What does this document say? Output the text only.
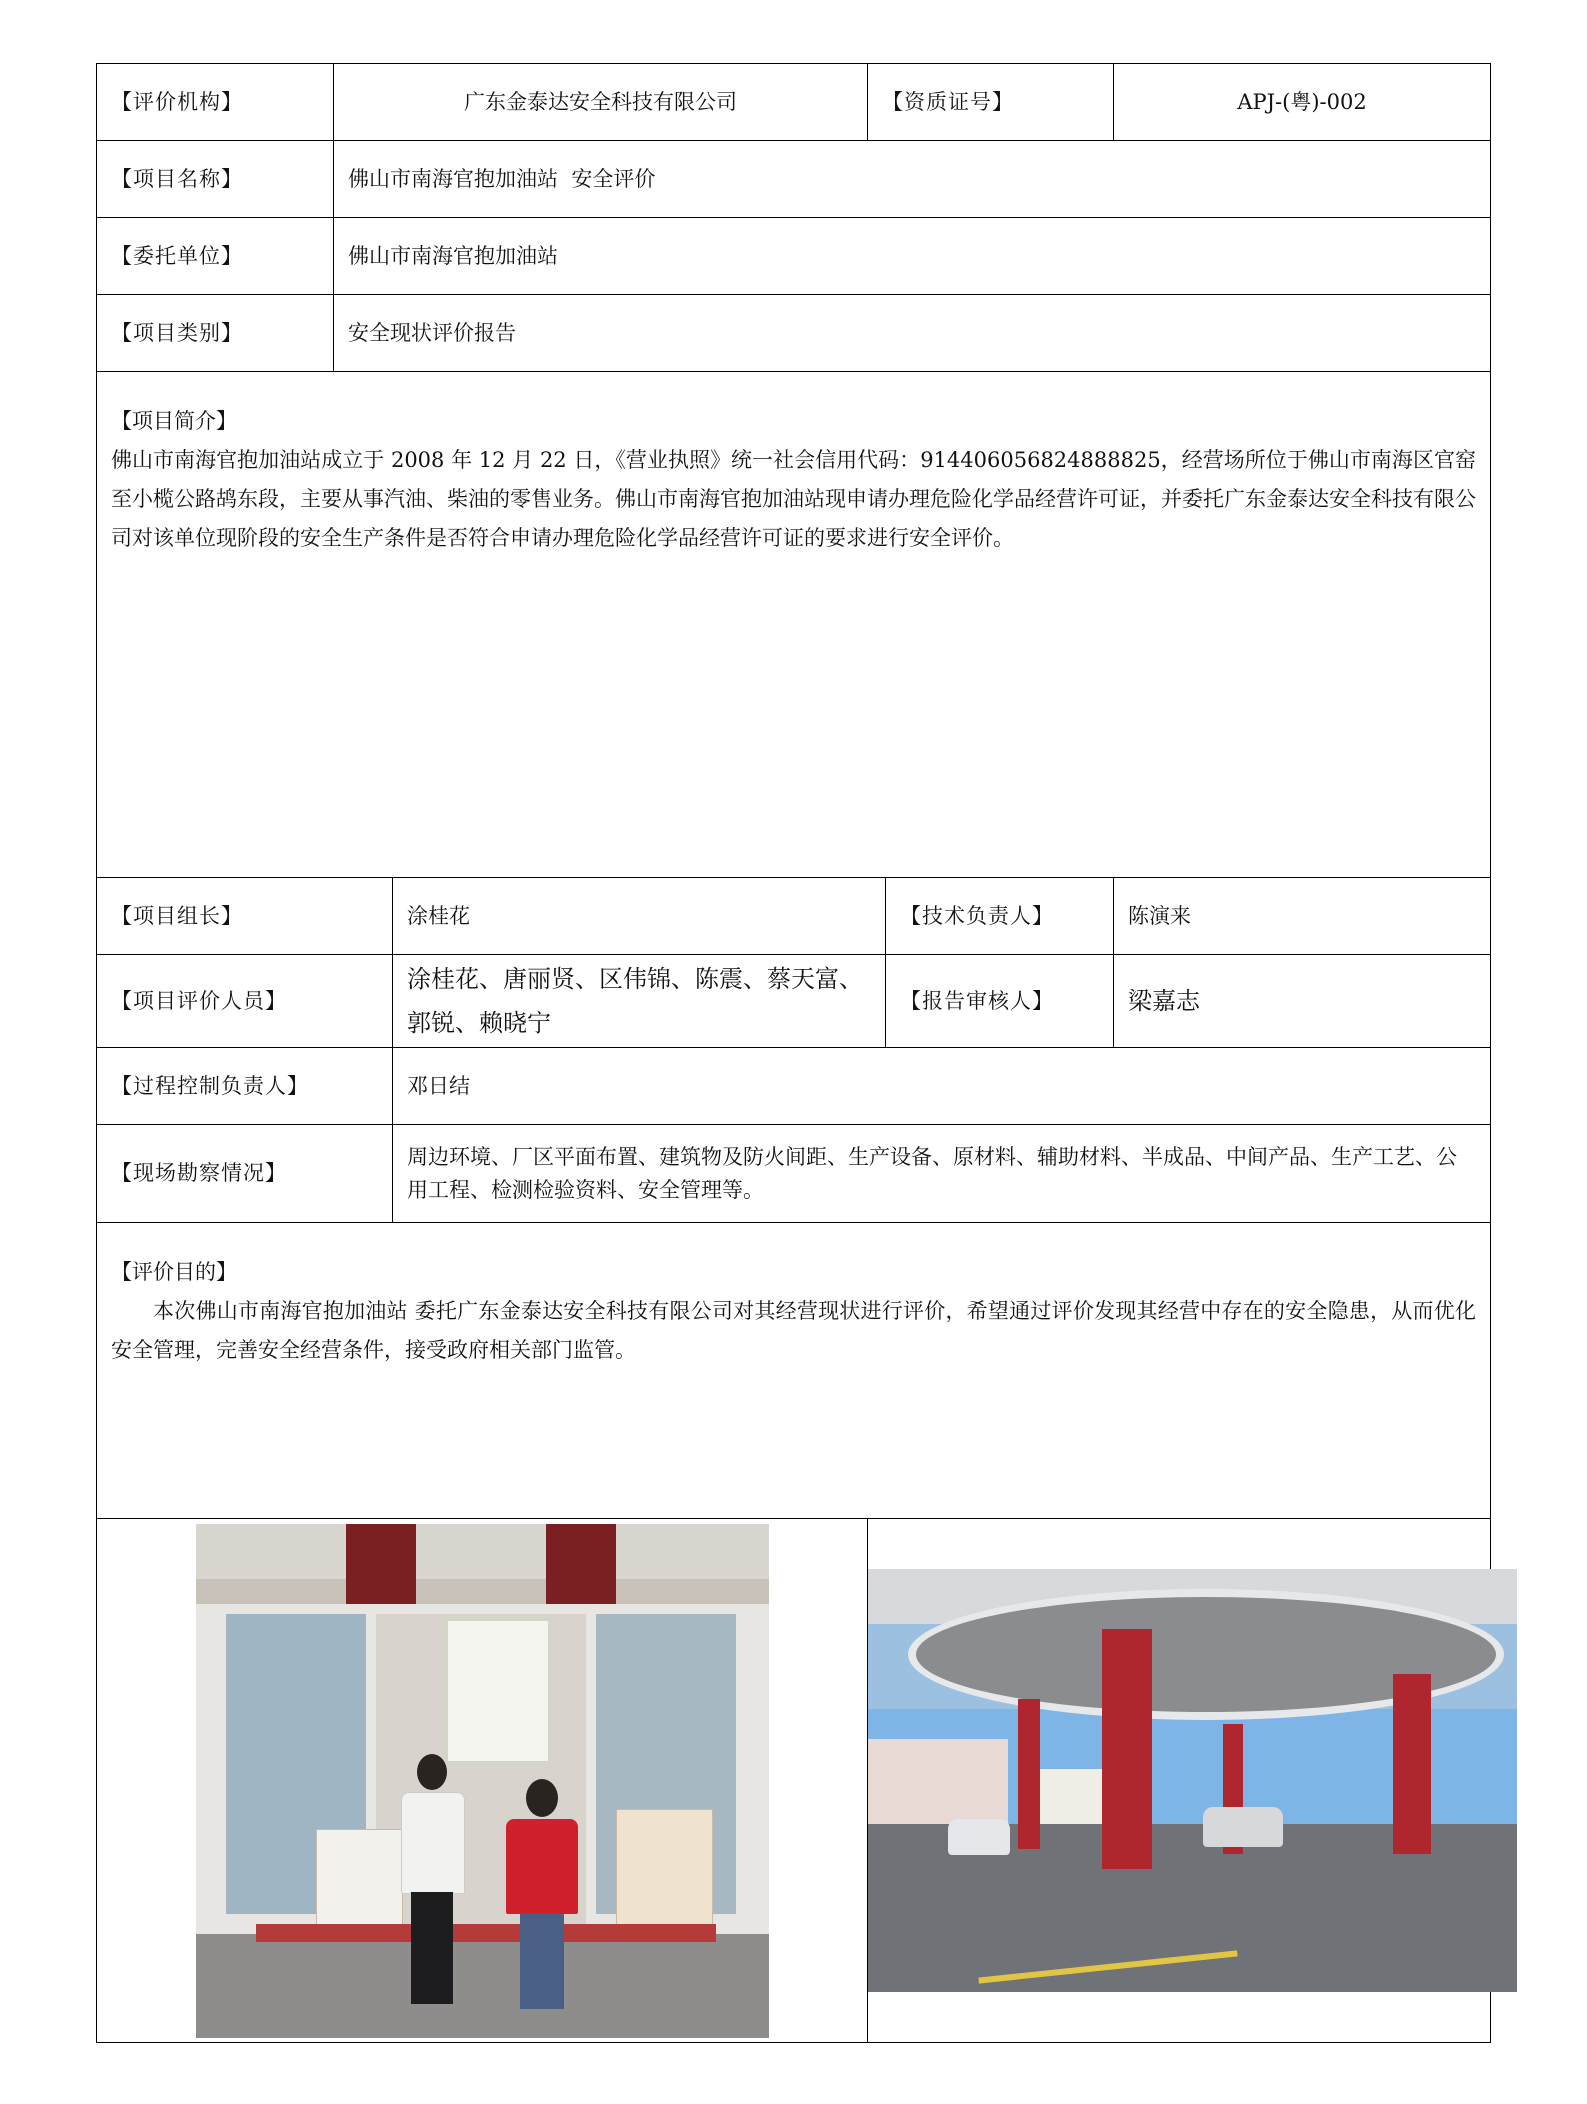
【评价机构】	广东金泰达安全科技有限公司		【资质证号】		APJ-(粤)-002
【项目名称】	佛山市南海官抱加油站  安全评价				
【委托单位】	佛山市南海官抱加油站				
【项目类别】	安全现状评价报告				

【项目简介】
佛山市南海官抱加油站成立于 2008 年 12 月 22 日，《营业执照》统一社会信用代码：914406056824888825，经营场所位于佛山市南海区官窑至小榄公路鸪东段，主要从事汽油、柴油的零售业务。佛山市南海官抱加油站现申请办理危险化学品经营许可证，并委托广东金泰达安全科技有限公司对该单位现阶段的安全生产条件是否符合申请办理危险化学品经营许可证的要求进行安全评价。					

【项目组长】		涂桂花		【技术负责人】	陈演来
【项目评价人员】		涂桂花、唐丽贤、区伟锦、陈震、蔡天富、郭锐、赖晓宁		【报告审核人】	梁嘉志
【过程控制负责人】		邓日结			
【现场勘察情况】		周边环境、厂区平面布置、建筑物及防火间距、生产设备、原材料、辅助材料、半成品、中间产品、生产工艺、公用工程、检测检验资料、安全管理等。			

【评价目的】
本次佛山市南海官抱加油站 委托广东金泰达安全科技有限公司对其经营现状进行评价，希望通过评价发现其经营中存在的安全隐患，从而优化安全管理，完善安全经营条件，接受政府相关部门监管。					
